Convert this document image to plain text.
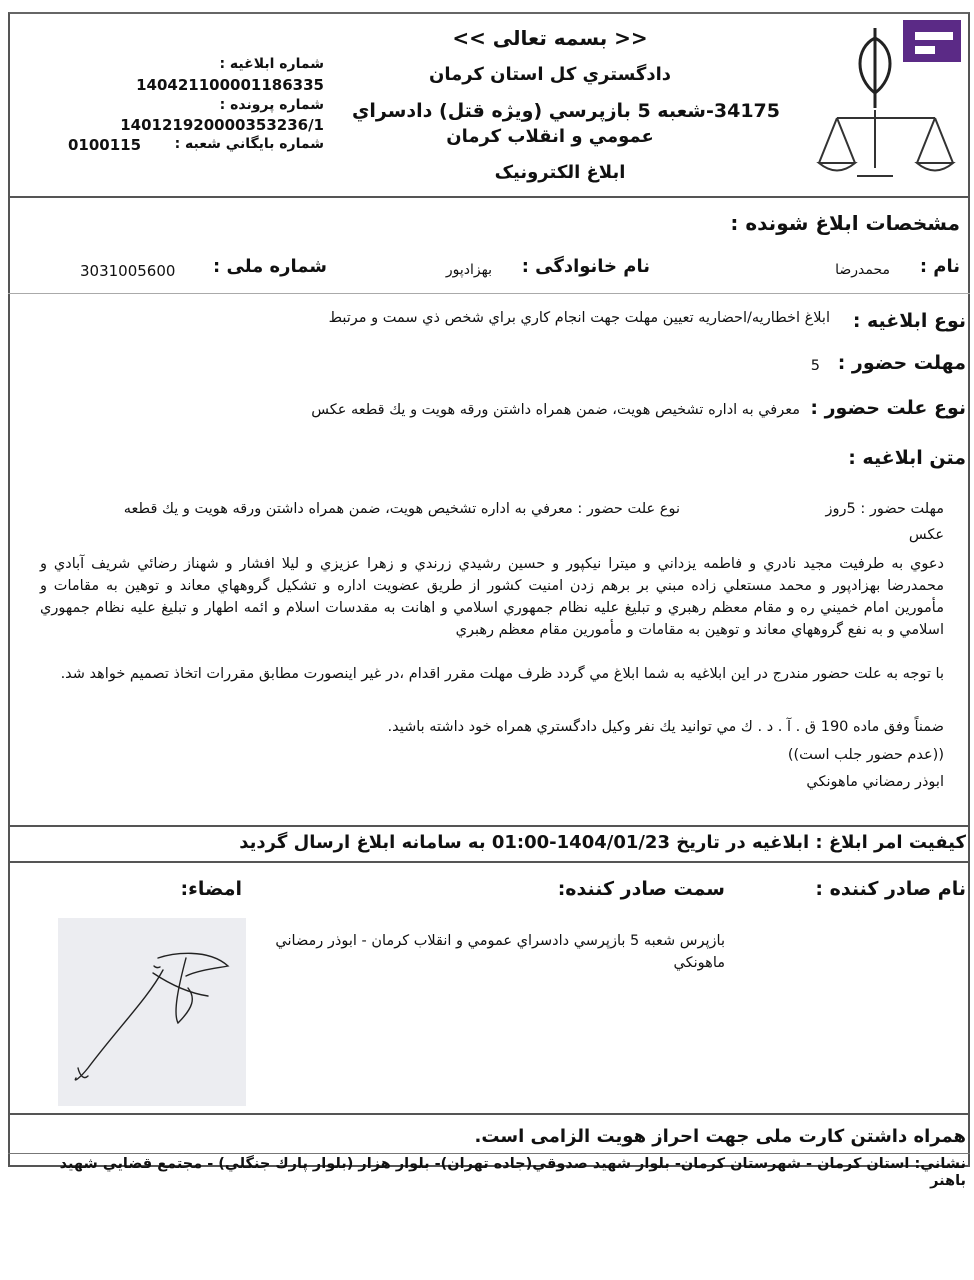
<< بسمه تعالی >>
دادگستري كل استان كرمان
34175-شعبه 5 بازپرسي (ويژه قتل) دادسراي
عمومي و انقلاب كرمان
ابلاغ الكترونيک
شماره ابلاغيه :
140421100001186335
شماره پرونده :
140121920000353236/1
شماره بايگاني شعبه :
0100115
مشخصات ابلاغ شونده :
نام :
محمدرضا
نام خانوادگی :
بهزادپور
شماره ملی :
3031005600
نوع ابلاغيه :
ابلاغ اخطاريه/احضاريه تعيين مهلت جهت انجام كاري براي شخص ذي سمت و مرتبط
مهلت حضور :
5
نوع علت حضور :
معرفي به اداره تشخيص هويت، ضمن همراه داشتن ورقه هويت و يك قطعه عكس
متن ابلاغيه :
مهلت حضور : 5روز
نوع علت حضور : معرفي به اداره تشخيص هويت، ضمن همراه داشتن ورقه هويت و يك قطعه
عكس
دعوي به طرفيت مجيد نادري و فاطمه يزداني و ميترا نيكپور و حسين رشيدي زرندي و زهرا عزيزي و ليلا افشار و شهناز رضائي شريف آبادي و محمدرضا بهزادپور و محمد مستعلي زاده مبني بر برهم زدن امنيت كشور از طريق عضويت اداره و تشكيل گروههاي معاند و توهين به مقامات و مأمورين امام خميني ره و مقام معظم رهبري و تبليغ عليه نظام جمهوري اسلامي و اهانت به مقدسات اسلام و ائمه اطهار و تبليغ عليه نظام جمهوري اسلامي و به نفع گروههاي معاند و توهين به مقامات و مأمورين مقام معظم رهبري
با توجه به علت حضور مندرج در اين ابلاغيه به شما ابلاغ مي گردد ظرف مهلت مقرر اقدام ،در غير اينصورت مطابق مقررات اتخاذ تصميم خواهد شد.
ضمناً وفق ماده 190 ق . آ . د . ك مي توانيد يك نفر وكيل دادگستري همراه خود داشته باشيد.
((عدم حضور جلب است))
ابوذر رمضاني ماهونكي
كيفيت امر ابلاغ : ابلاغيه در تاريخ 1404/01/23-01:00 به سامانه ابلاغ ارسال گرديد
نام صادر كننده :
سمت صادر كننده:
امضاء:
بازپرس شعبه 5 بازپرسي دادسراي عمومي و انقلاب كرمان - ابوذر رمضاني ماهونكي
همراه داشتن كارت ملی جهت احراز هويت الزامی است.
نشاني: استان كرمان - شهرستان كرمان- بلوار شهيد صدوقي(جاده تهران)- بلوار هزار (بلوار پارك جنگلي) - مجتمع قضايي شهيد باهنر
